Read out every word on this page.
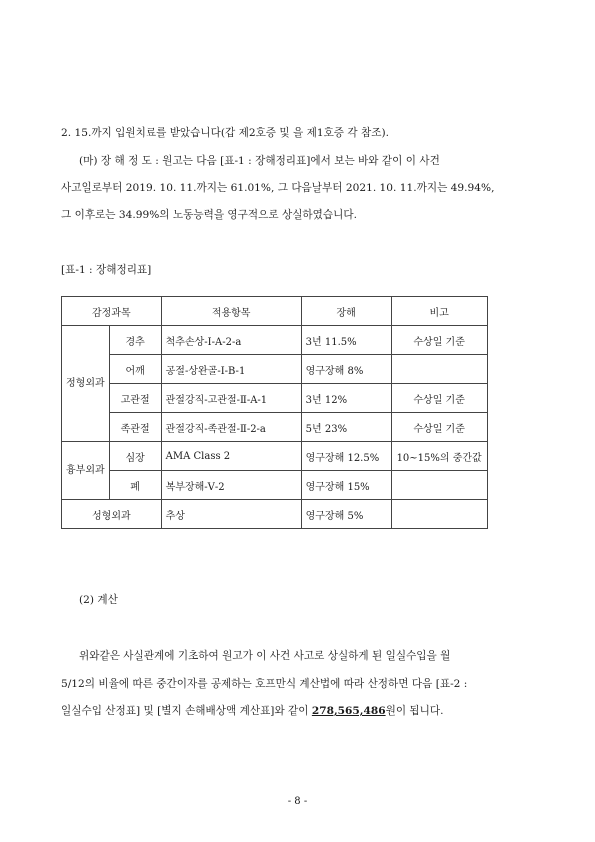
2. 15.까지 입원치료를 받았습니다(갑 제2호증 및 을 제1호증 각 참조).
(마) 장 해 정 도 : 원고는 다음 [표-1 : 장해정리표]에서 보는 바와 같이 이 사건
사고일로부터 2019. 10. 11.까지는 61.01%, 그 다음날부터 2021. 10. 11.까지는 49.94%,
그 이후로는 34.99%의 노동능력을 영구적으로 상실하였습니다.
[표-1 : 장해정리표]
감정과목		적용항목	장해	비고
정형외과	경추	척추손상-Ⅰ-A-2-a	3년 11.5%	수상일 기준
	어깨	공절-상완골-Ⅰ-B-1	영구장해 8%	
	고관절	관절강직-고관절-Ⅱ-A-1	3년 12%	수상일 기준
	족관절	관절강직-족관절-Ⅱ-2-a	5년 23%	수상일 기준
흉부외과	심장	AMA Class 2	영구장해 12.5%	10~15%의 중간값
	폐	복부장해-Ⅴ-2	영구장해 15%	
성형외과		추상	영구장해 5%	
(2) 계산
위와같은 사실관계에 기초하여 원고가 이 사건 사고로 상실하게 된 일실수입을 월
5/12의 비율에 따른 중간이자를 공제하는 호프만식 계산법에 따라 산정하면 다음 [표-2 :
일실수입 산정표] 및 [별지 손해배상액 계산표]와 같이 278,565,486원이 됩니다.
- 8 -
